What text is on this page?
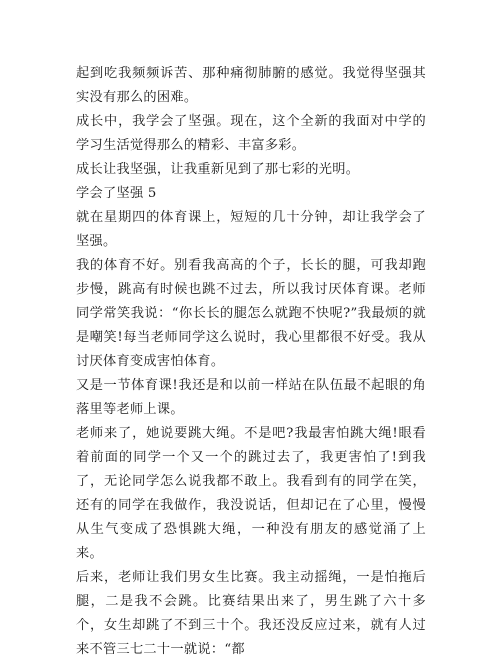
起到吃我频频诉苦、那种痛彻肺腑的感觉。我觉得坚强其实没有那么的困难。

成长中，我学会了坚强。现在，这个全新的我面对中学的学习生活觉得那么的精彩、丰富多彩。

成长让我坚强，让我重新见到了那七彩的光明。

学会了坚强 5

就在星期四的体育课上，短短的几十分钟，却让我学会了坚强。

我的体育不好。别看我高高的个子，长长的腿，可我却跑步慢，跳高有时候也跳不过去，所以我讨厌体育课。老师同学常笑我说：“你长长的腿怎么就跑不快呢?”我最烦的就是嘲笑!每当老师同学这么说时，我心里都很不好受。我从讨厌体育变成害怕体育。

又是一节体育课!我还是和以前一样站在队伍最不起眼的角落里等老师上课。

老师来了，她说要跳大绳。不是吧?我最害怕跳大绳!眼看着前面的同学一个又一个的跳过去了，我更害怕了!到我了，无论同学怎么说我都不敢上。我看到有的同学在笑，还有的同学在我做作，我没说话，但却记在了心里，慢慢从生气变成了恐惧跳大绳，一种没有朋友的感觉涌了上来。

后来，老师让我们男女生比赛。我主动摇绳，一是怕拖后腿，二是我不会跳。比赛结果出来了，男生跳了六十多个，女生却跳了不到三十个。我还没反应过来，就有人过来不管三七二十一就说：“都
